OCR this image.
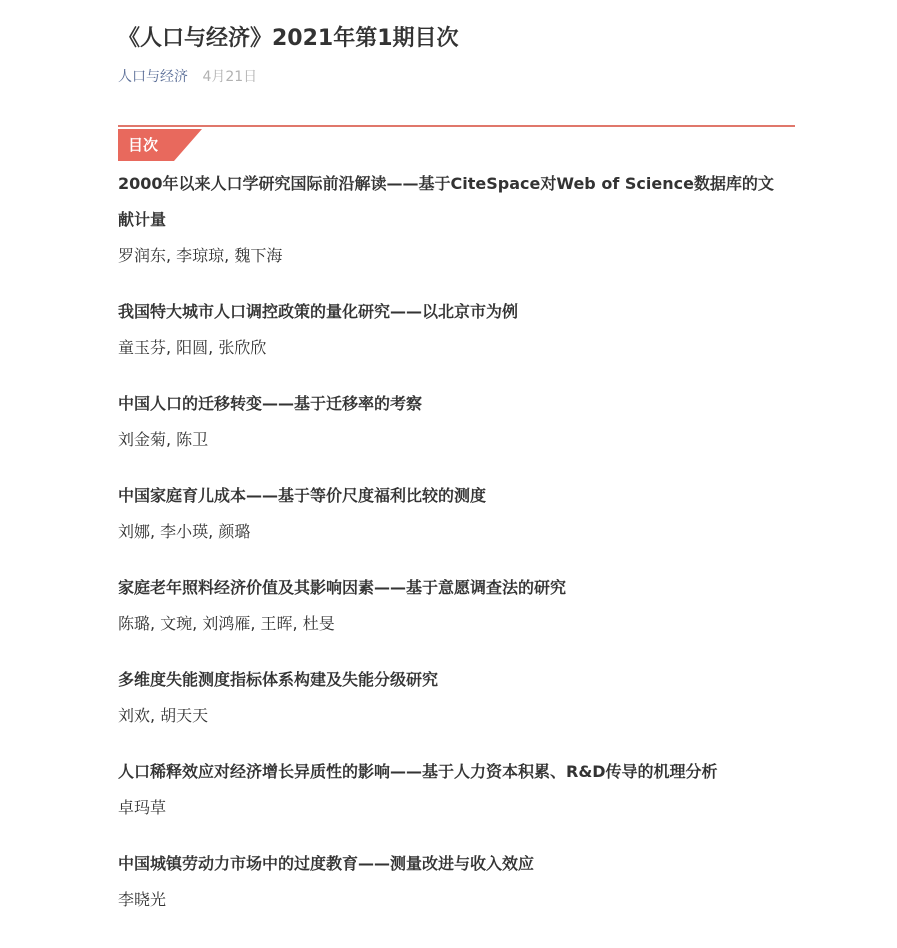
《人口与经济》2021年第1期目次
人口与经济 4月21日
目次
2000年以来人口学研究国际前沿解读——基于CiteSpace对Web of Science数据库的文献计量
罗润东, 李琼琼, 魏下海
我国特大城市人口调控政策的量化研究——以北京市为例
童玉芬, 阳圆, 张欣欣
中国人口的迁移转变——基于迁移率的考察
刘金菊, 陈卫
中国家庭育儿成本——基于等价尺度福利比较的测度
刘娜, 李小瑛, 颜璐
家庭老年照料经济价值及其影响因素——基于意愿调查法的研究
陈璐, 文琬, 刘鸿雁, 王晖, 杜旻
多维度失能测度指标体系构建及失能分级研究
刘欢, 胡天天
人口稀释效应对经济增长异质性的影响——基于人力资本积累、R&D传导的机理分析
卓玛草
中国城镇劳动力市场中的过度教育——测量改进与收入效应
李晓光
